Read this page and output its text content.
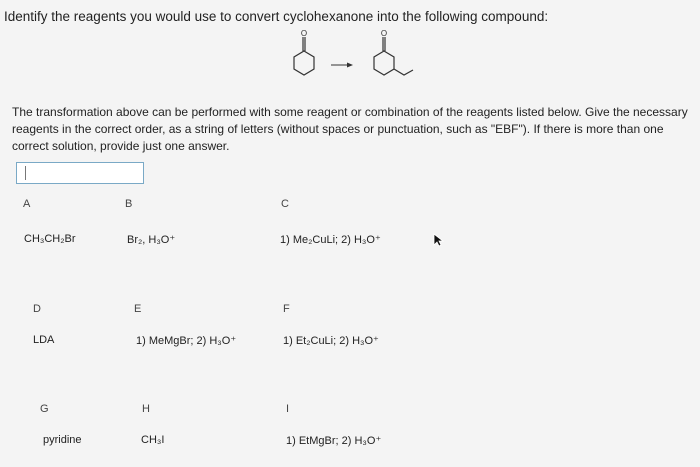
Identify the reagents you would use to convert cyclohexanone into the following compound:
O	O
The transformation above can be performed with some reagent or combination of the reagents listed below. Give the necessary reagents in the correct order, as a string of letters (without spaces or punctuation, such as "EBF"). If there is more than one correct solution, provide just one answer.
A
CH₃CH₂Br
B
Br₂, H₃O⁺
C
1) Me₂CuLi; 2) H₃O⁺
D
LDA
E
1) MeMgBr; 2) H₃O⁺
F
1) Et₂CuLi; 2) H₃O⁺
G
pyridine
H
CH₃I
I
1) EtMgBr; 2) H₃O⁺
